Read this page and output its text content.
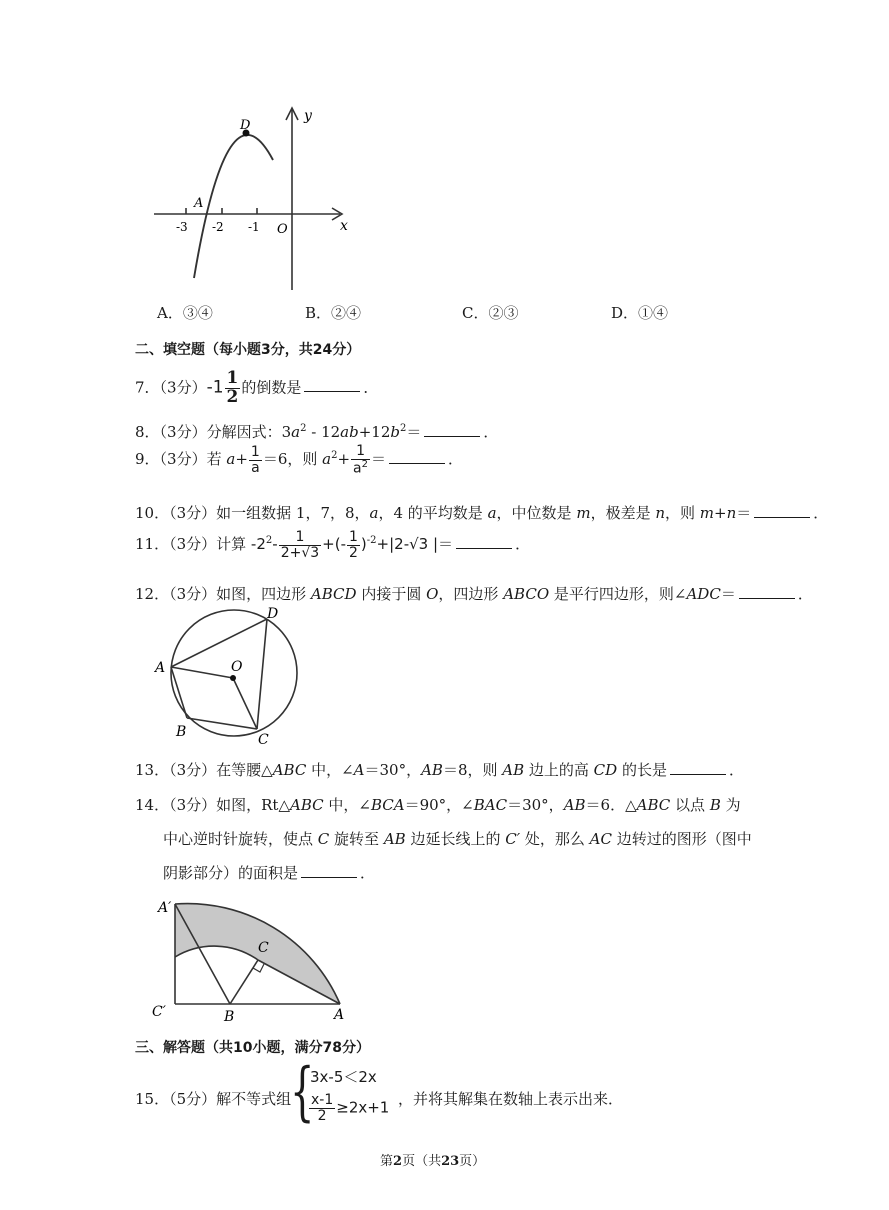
y
x
O
D
A
-3 -2 -1
A．③④	B．②④	C．②③	D．①④
二、填空题（每小题3分，共24分）
7．（3分）$-1 \frac{1}{2}$ 的倒数是	．
8．（3分）分解因式：$3a^2 - 12ab+12b^2=$	．
9．（3分）若 $a+ \frac{1}{a} =6$，则 $a^2+ \frac{1}{a^2}$ ＝	．
10．（3分）如一组数据 1，7，8，a，4 的平均数是 a，中位数是 m，极差是 n，则 m+n＝	．
11．（3分）计算 $-2^2- \frac{1}{2+√3}$ +(- $\frac{1}{2} )^{-2}+|2-√3$ |＝	．
12．（3分）如图，四边形 ABCD 内接于圆 O，四边形 ABCO 是平行四边形，则∠ADC＝	．
A
B	C
D
O
13．（3分）在等腰△ABC 中，∠A＝30°，AB＝8，则 AB 边上的高 CD 的长是	．
14．（3分）如图，Rt△ABC 中，∠BCA＝90°，∠BAC＝30°，AB＝6．△ABC 以点 B 为
中心逆时针旋转，使点 C 旋转至 AB 边延长线上的 C′ 处，那么 AC 边转过的图形（图中
阴影部分）的面积是	．
A′
C
C′	B	A
三、解答题（共10小题，满分78分）
15．（5分）解不等式组
{
3x-5＜2x
$\frac{x-1}{2} \ge 2x+1$ ，并将其解集在数轴上表示出来．
第2页（共23页）
